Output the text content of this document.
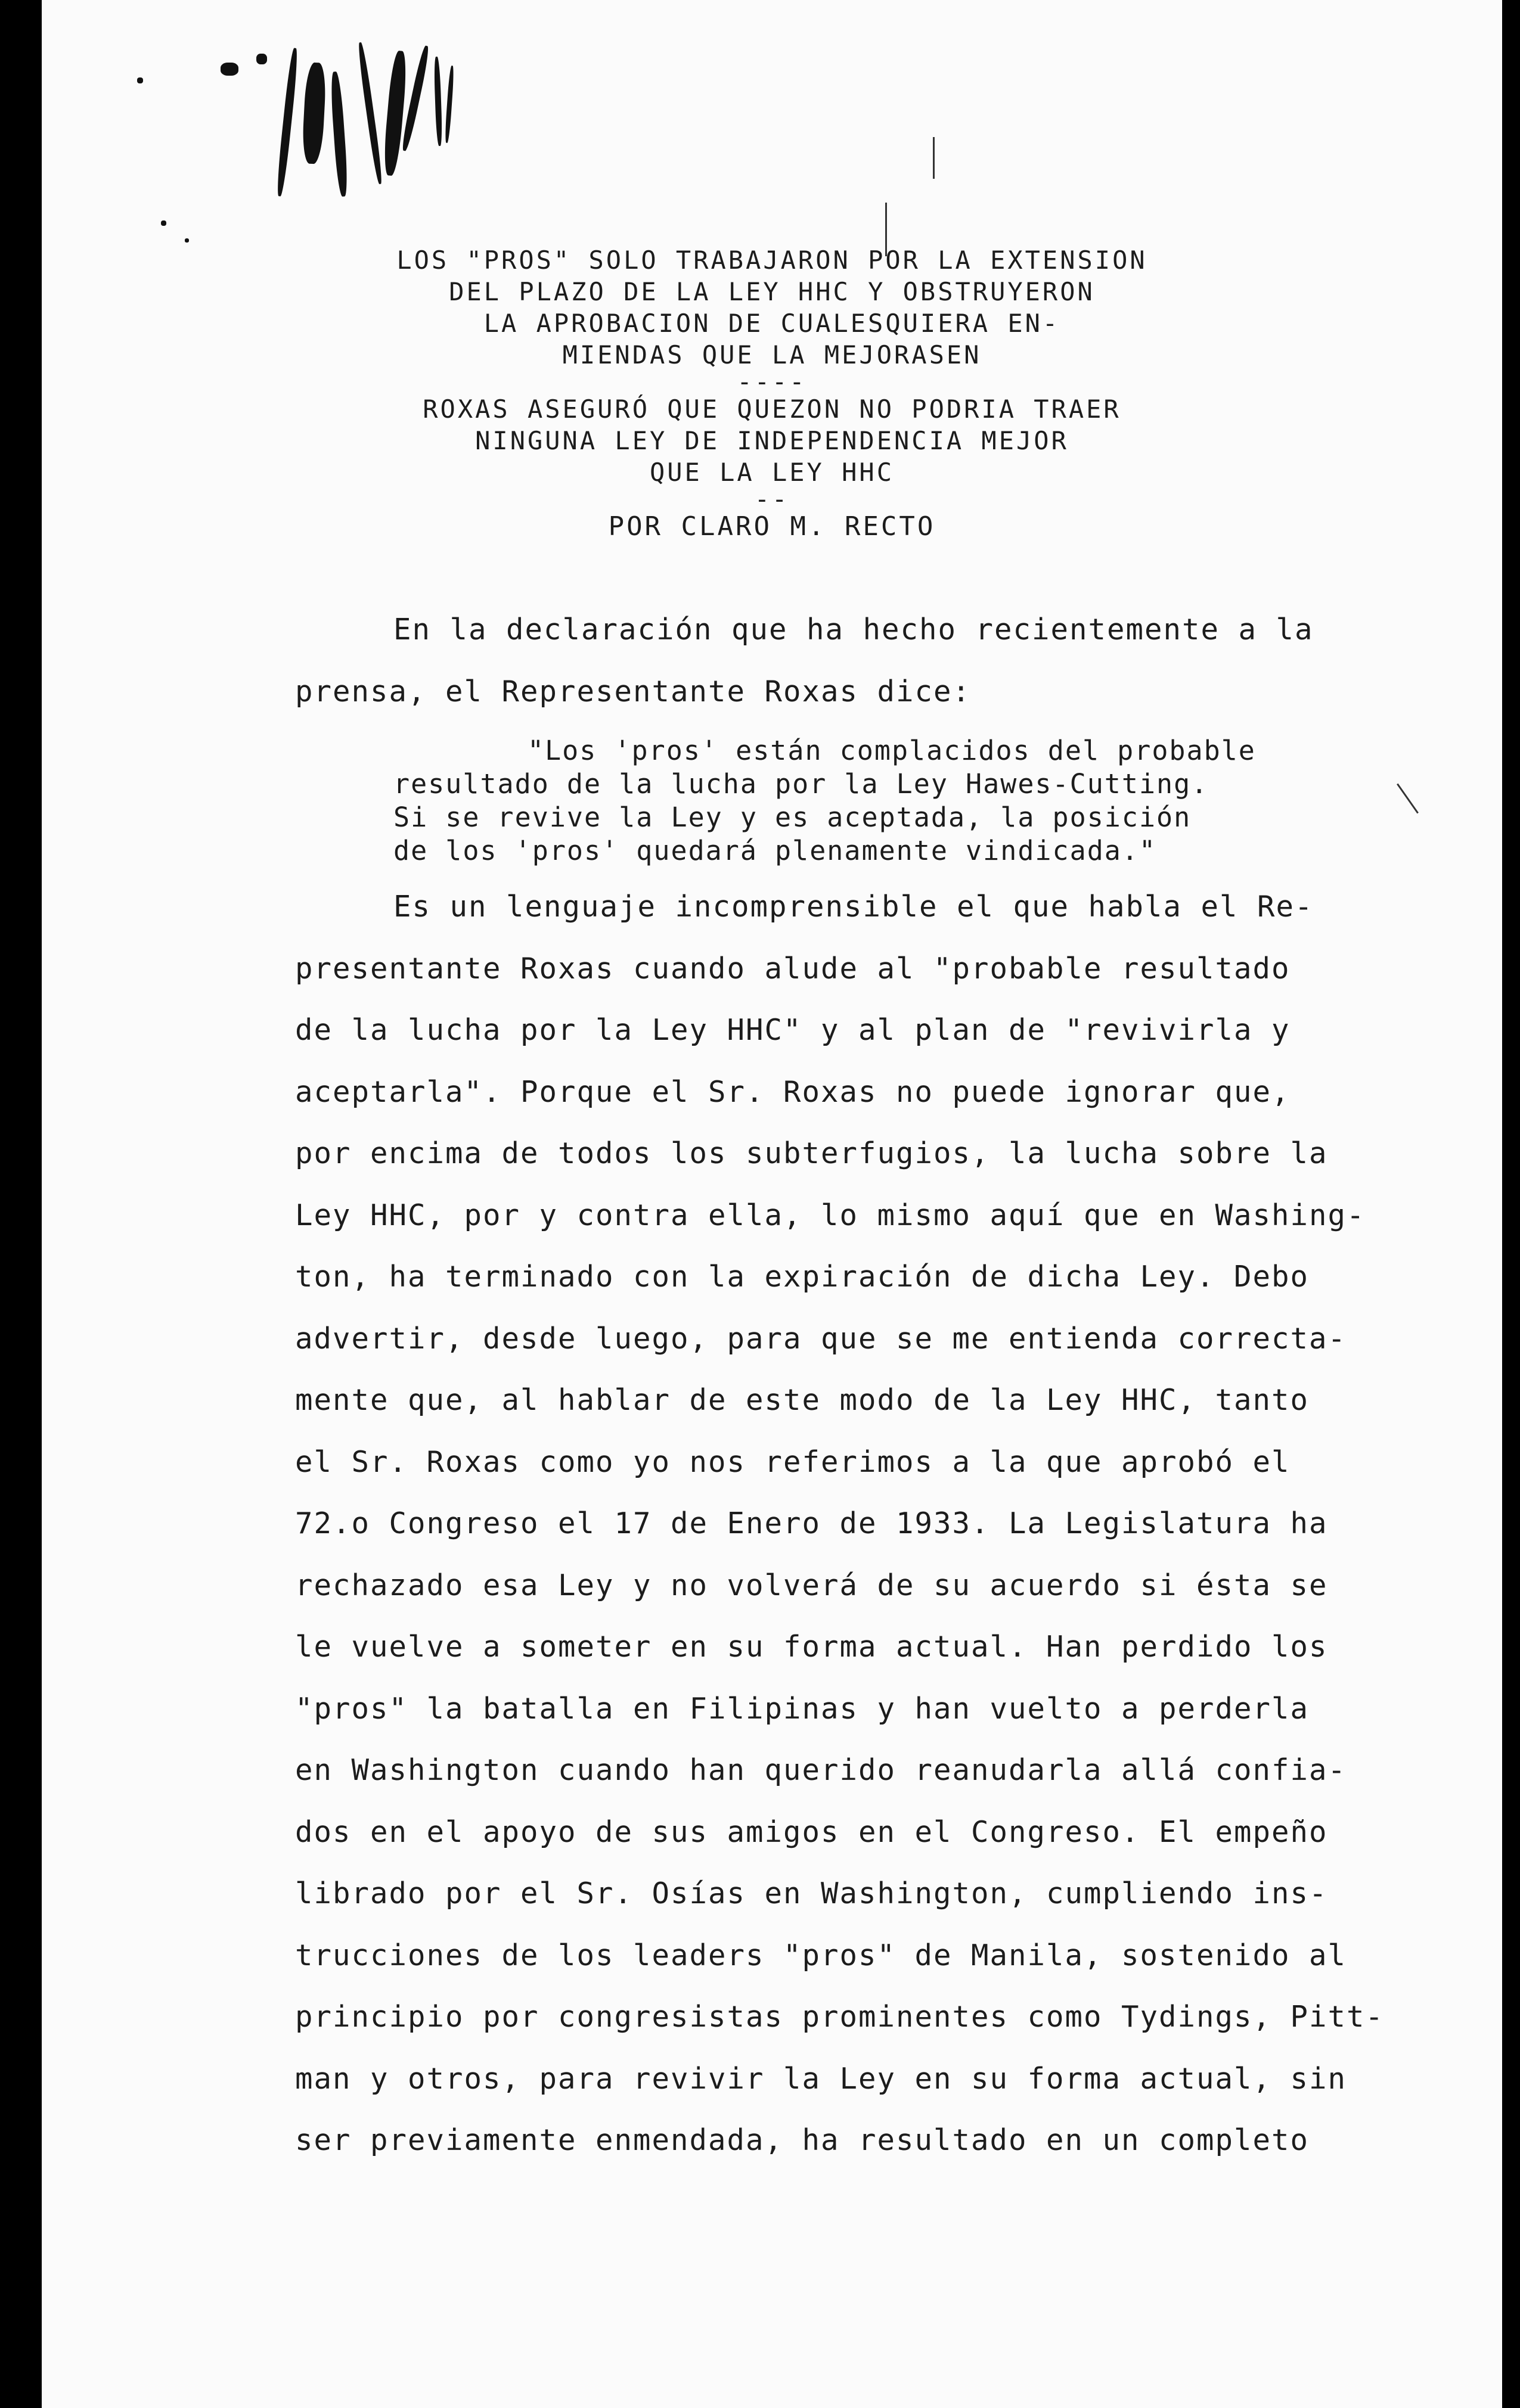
LOS "PROS" SOLO TRABAJARON POR LA EXTENSION
DEL PLAZO DE LA LEY HHC Y OBSTRUYERON
LA APROBACION DE CUALESQUIERA EN-
MIENDAS QUE LA MEJORASEN
----
ROXAS ASEGURÓ QUE QUEZON NO PODRIA TRAER
NINGUNA LEY DE INDEPENDENCIA MEJOR
QUE LA LEY HHC
--
POR CLARO M. RECTO
En la declaración que ha hecho recientemente a la
prensa, el Representante Roxas dice:
"Los 'pros' están complacidos del probable
resultado de la lucha por la Ley Hawes-Cutting.
Si se revive la Ley y es aceptada, la posición
de los 'pros' quedará plenamente vindicada."
Es un lenguaje incomprensible el que habla el Re-
presentante Roxas cuando alude al "probable resultado
de la lucha por la Ley HHC" y al plan de "revivirla y
aceptarla". Porque el Sr. Roxas no puede ignorar que,
por encima de todos los subterfugios, la lucha sobre la
Ley HHC, por y contra ella, lo mismo aquí que en Washing-
ton, ha terminado con la expiración de dicha Ley. Debo
advertir, desde luego, para que se me entienda correcta-
mente que, al hablar de este modo de la Ley HHC, tanto
el Sr. Roxas como yo nos referimos a la que aprobó el
72.o Congreso el 17 de Enero de 1933. La Legislatura ha
rechazado esa Ley y no volverá de su acuerdo si ésta se
le vuelve a someter en su forma actual. Han perdido los
"pros" la batalla en Filipinas y han vuelto a perderla
en Washington cuando han querido reanudarla allá confia-
dos en el apoyo de sus amigos en el Congreso. El empeño
librado por el Sr. Osías en Washington, cumpliendo ins-
trucciones de los leaders "pros" de Manila, sostenido al
principio por congresistas prominentes como Tydings, Pitt-
man y otros, para revivir la Ley en su forma actual, sin
ser previamente enmendada, ha resultado en un completo
